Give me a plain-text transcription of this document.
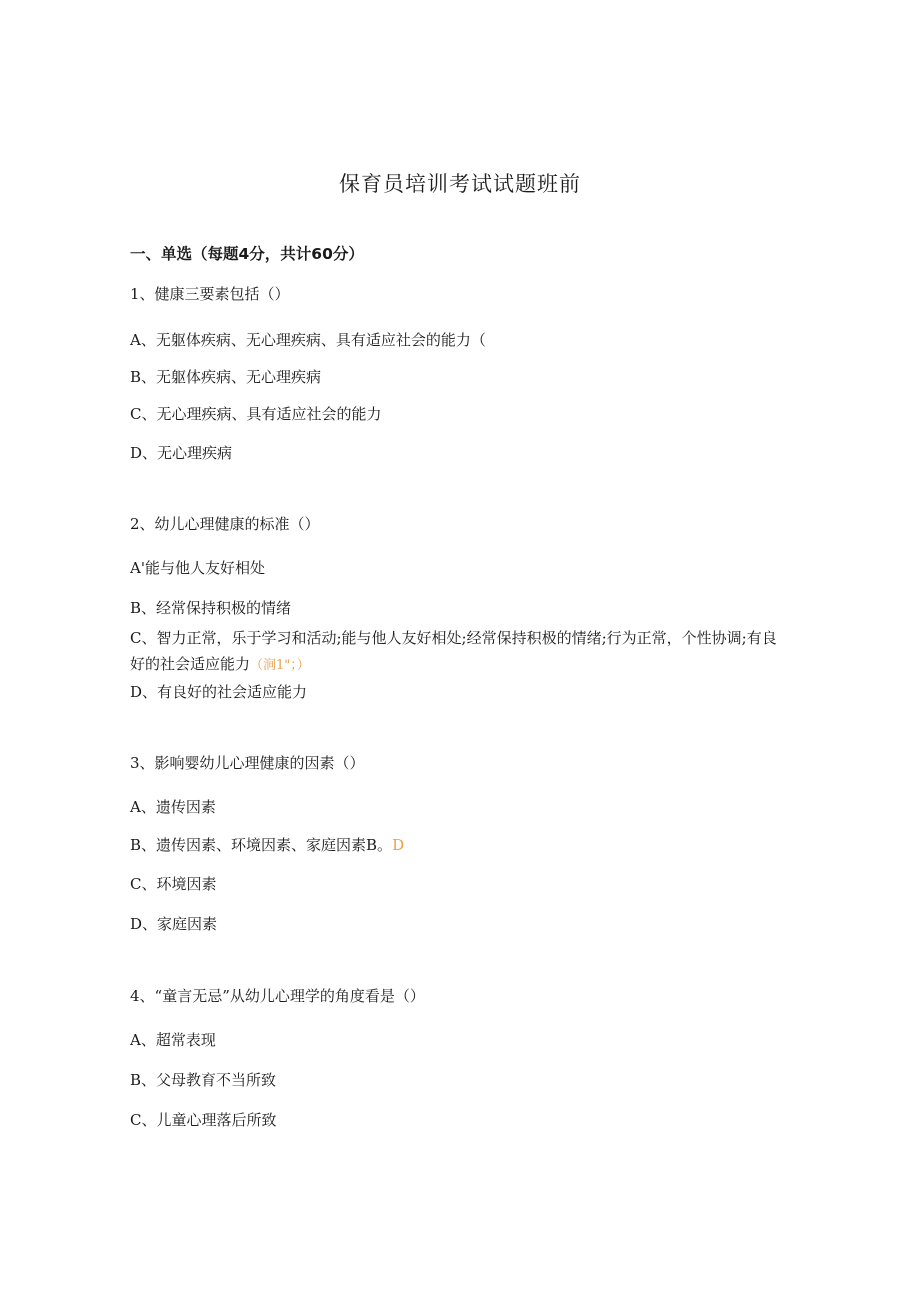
保育员培训考试试题班前
一、单选（每题4分，共计60分）
1、健康三要素包括（）
A、无躯体疾病、无心理疾病、具有适应社会的能力（
B、无躯体疾病、无心理疾病
C、无心理疾病、具有适应社会的能力
D、无心理疾病
2、幼儿心理健康的标准（）
A'能与他人友好相处
B、经常保持积极的情绪
C、智力正常，乐于学习和活动;能与他人友好相处;经常保持积极的情绪;行为正常，个性协调;有良好的社会适应能力（涧1"；）
D、有良好的社会适应能力
3、影响婴幼儿心理健康的因素（）
A、遗传因素
B、遗传因素、环境因素、家庭因素B。D
C、环境因素
D、家庭因素
4、“童言无忌”从幼儿心理学的角度看是（）
A、超常表现
B、父母教育不当所致
C、儿童心理落后所致
